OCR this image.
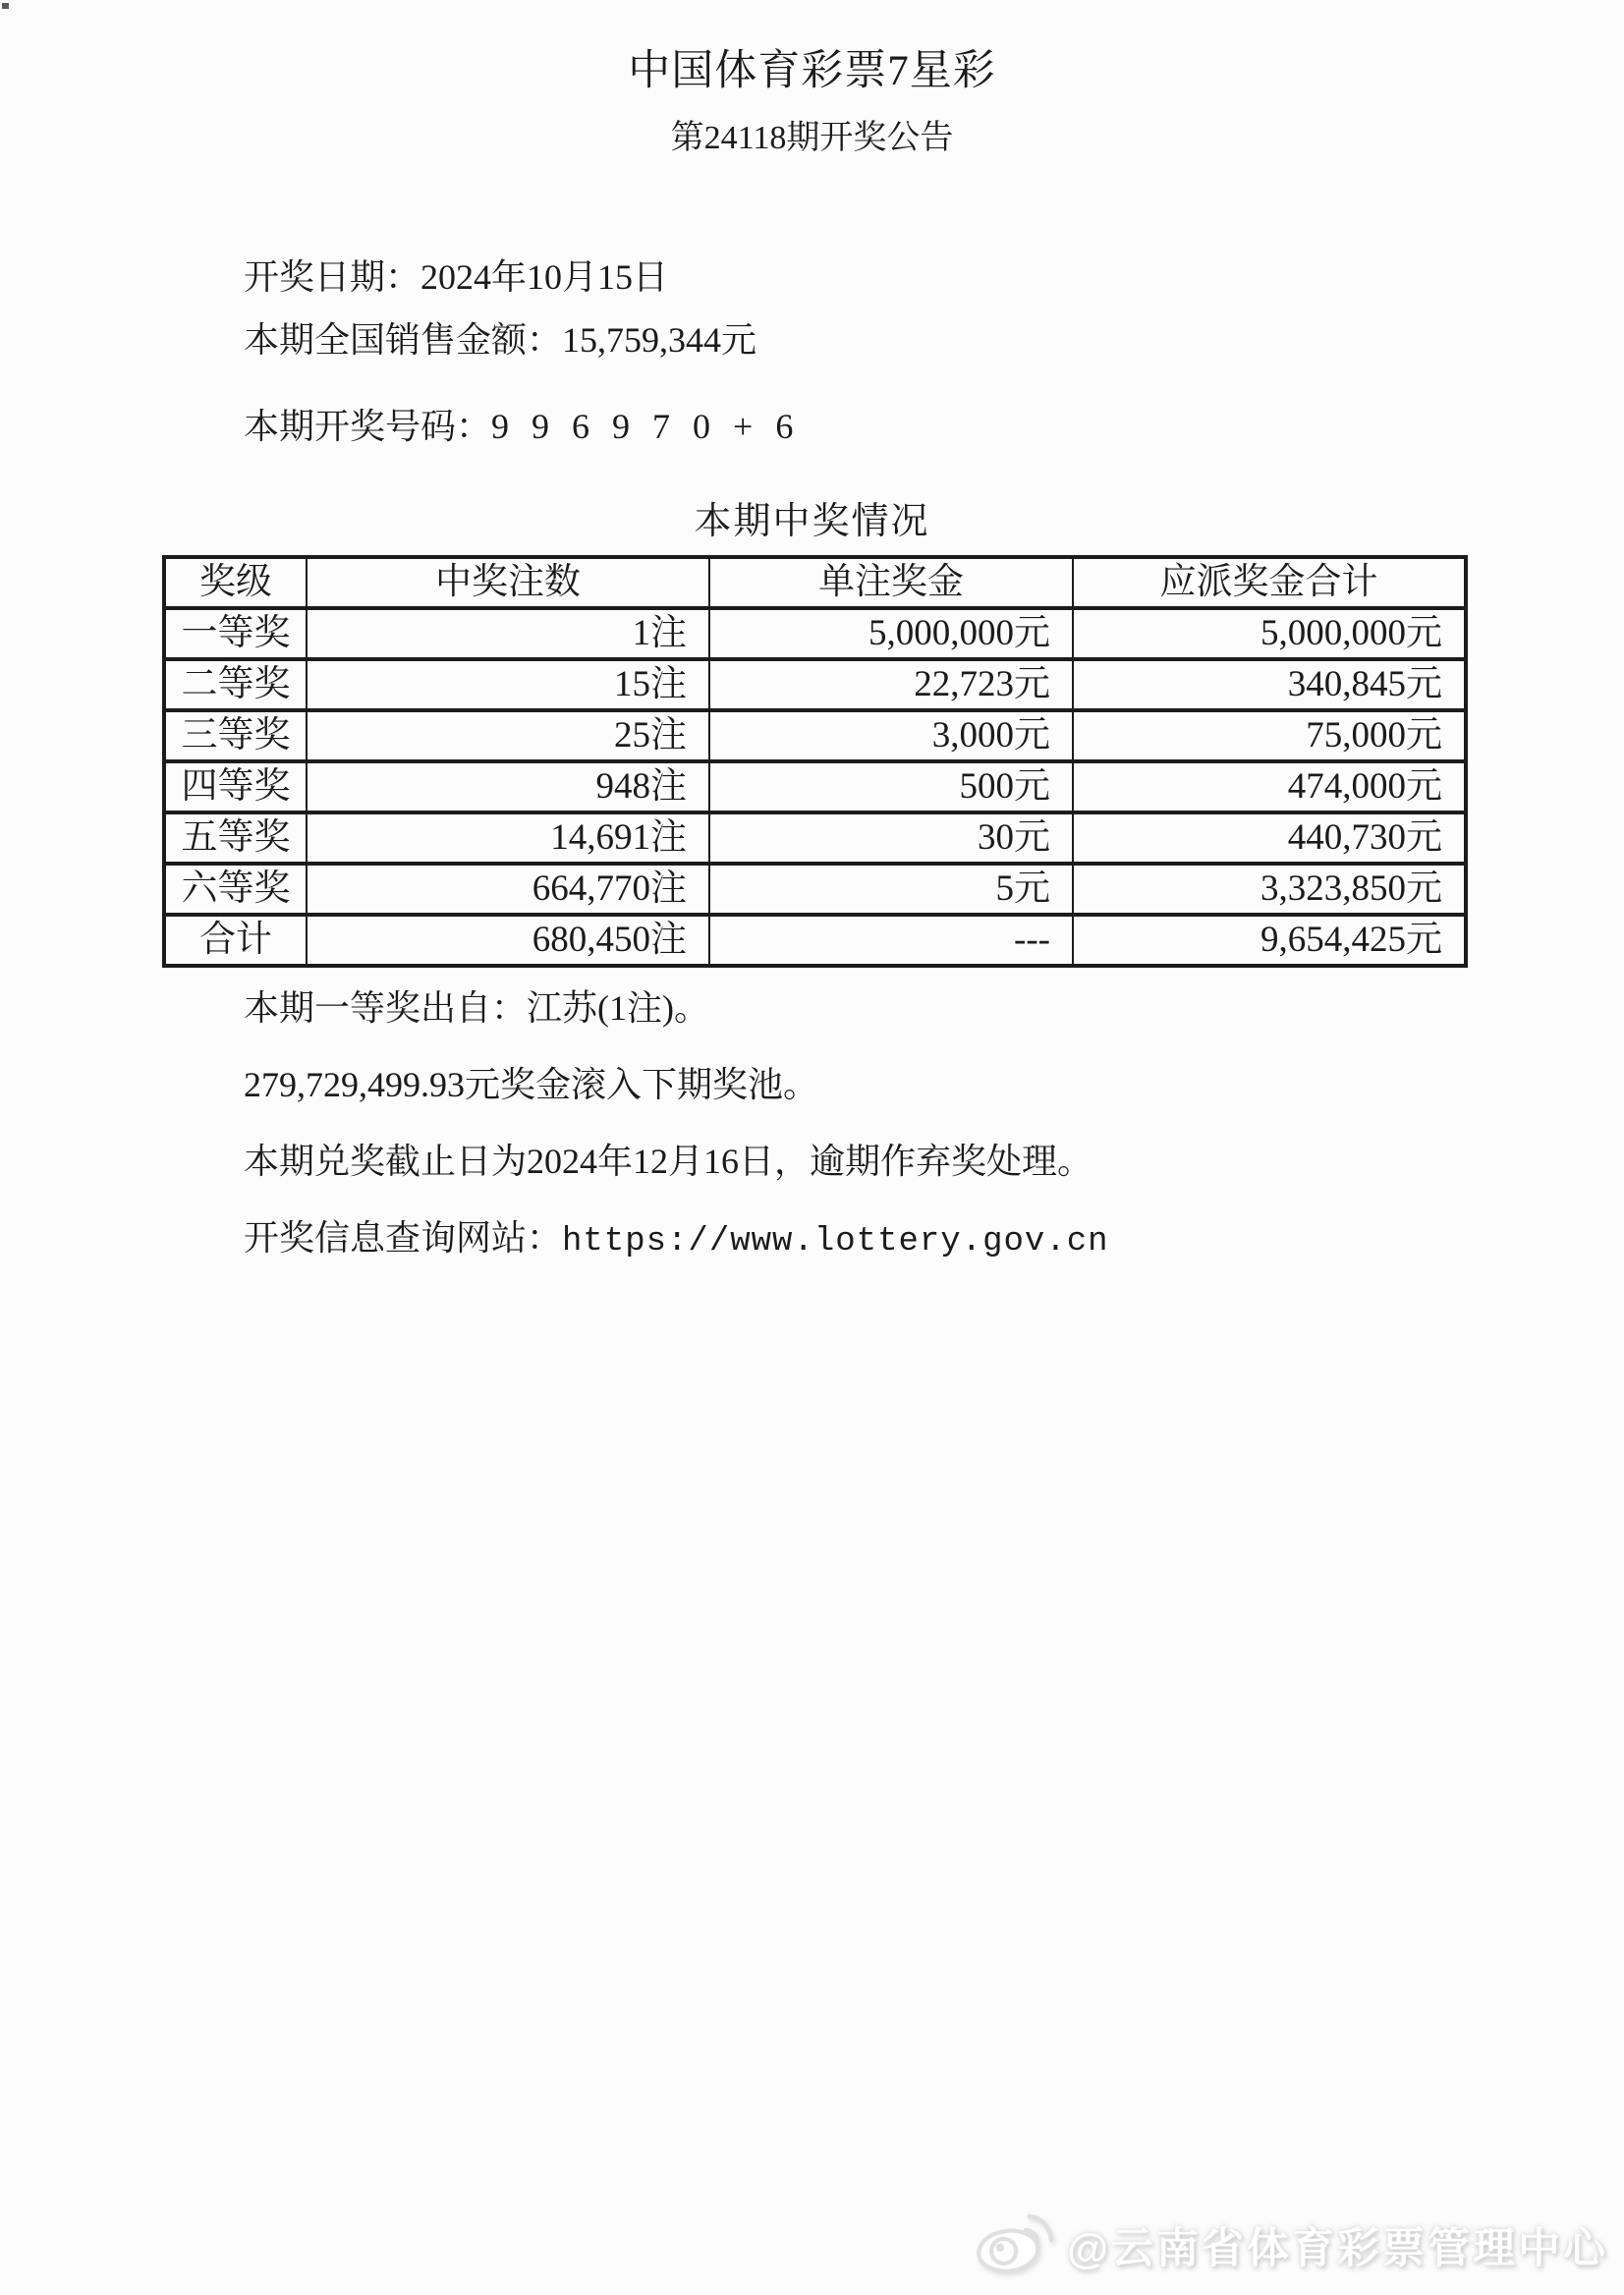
中国体育彩票7星彩
第24118期开奖公告
开奖日期：2024年10月15日
本期全国销售金额：15,759,344元
本期开奖号码：9 9 6 9 7 0 + 6
本期中奖情况
奖级	中奖注数	单注奖金	应派奖金合计
一等奖	1注	5,000,000元	5,000,000元
二等奖	15注	22,723元	340,845元
三等奖	25注	3,000元	75,000元
四等奖	948注	500元	474,000元
五等奖	14,691注	30元	440,730元
六等奖	664,770注	5元	3,323,850元
合计	680,450注	---	9,654,425元
本期一等奖出自：江苏(1注)。
279,729,499.93元奖金滚入下期奖池。
本期兑奖截止日为2024年12月16日，逾期作弃奖处理。
开奖信息查询网站：https://www.lottery.gov.cn
@云南省体育彩票管理中心
